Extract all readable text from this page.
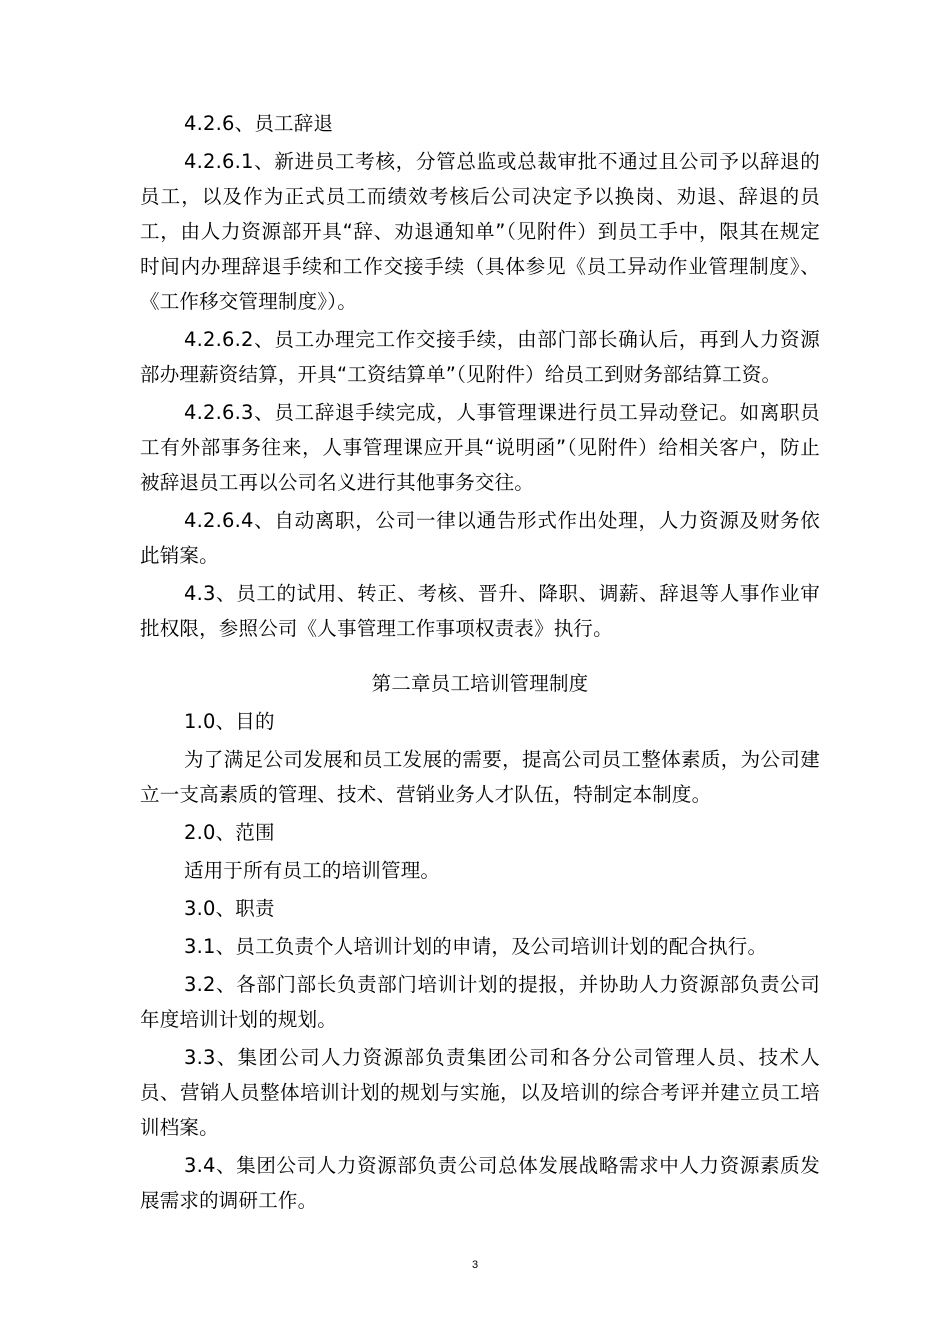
4.2.6、员工辞退

4.2.6.1、新进员工考核，分管总监或总裁审批不通过且公司予以辞退的员工，以及作为正式员工而绩效考核后公司决定予以换岗、劝退、辞退的员工，由人力资源部开具“辞、劝退通知单”（见附件）到员工手中，限其在规定时间内办理辞退手续和工作交接手续（具体参见《员工异动作业管理制度》、《工作移交管理制度》）。

4.2.6.2、员工办理完工作交接手续，由部门部长确认后，再到人力资源部办理薪资结算，开具“工资结算单”（见附件）给员工到财务部结算工资。

4.2.6.3、员工辞退手续完成，人事管理课进行员工异动登记。如离职员工有外部事务往来，人事管理课应开具“说明函”（见附件）给相关客户，防止被辞退员工再以公司名义进行其他事务交往。

4.2.6.4、自动离职，公司一律以通告形式作出处理，人力资源及财务依此销案。

4.3、员工的试用、转正、考核、晋升、降职、调薪、辞退等人事作业审批权限，参照公司《人事管理工作事项权责表》执行。

第二章员工培训管理制度

1.0、目的

为了满足公司发展和员工发展的需要，提高公司员工整体素质，为公司建立一支高素质的管理、技术、营销业务人才队伍，特制定本制度。

2.0、范围

适用于所有员工的培训管理。

3.0、职责

3.1、员工负责个人培训计划的申请，及公司培训计划的配合执行。

3.2、各部门部长负责部门培训计划的提报，并协助人力资源部负责公司年度培训计划的规划。

3.3、集团公司人力资源部负责集团公司和各分公司管理人员、技术人员、营销人员整体培训计划的规划与实施，以及培训的综合考评并建立员工培训档案。

3.4、集团公司人力资源部负责公司总体发展战略需求中人力资源素质发展需求的调研工作。

3
